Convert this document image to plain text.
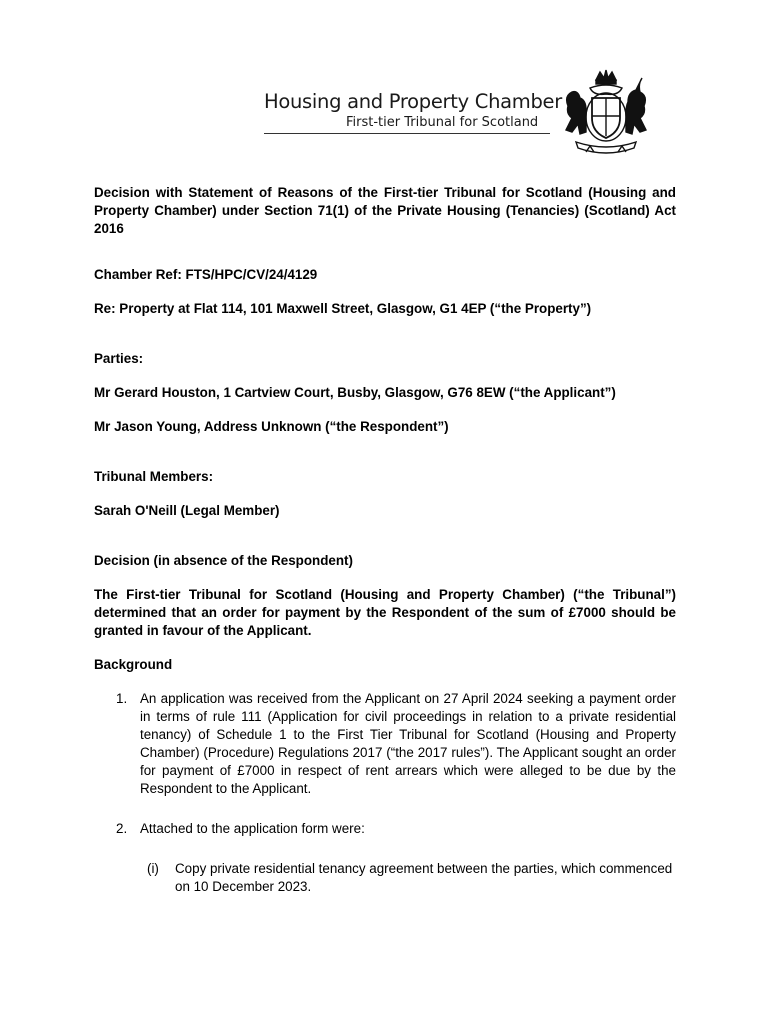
Housing and Property Chamber
First-tier Tribunal for Scotland

Decision with Statement of Reasons of the First-tier Tribunal for Scotland (Housing and Property Chamber) under Section 71(1) of the Private Housing (Tenancies) (Scotland) Act 2016

Chamber Ref: FTS/HPC/CV/24/4129

Re: Property at Flat 114, 101 Maxwell Street, Glasgow, G1 4EP (“the Property”)

Parties:

Mr Gerard Houston, 1 Cartview Court, Busby, Glasgow, G76 8EW (“the Applicant”)

Mr Jason Young, Address Unknown (“the Respondent”)

Tribunal Members:

Sarah O'Neill (Legal Member)

Decision (in absence of the Respondent)

The First-tier Tribunal for Scotland (Housing and Property Chamber) (“the Tribunal”) determined that an order for payment by the Respondent of the sum of £7000 should be granted in favour of the Applicant.

Background

1. An application was received from the Applicant on 27 April 2024 seeking a payment order in terms of rule 111 (Application for civil proceedings in relation to a private residential tenancy) of Schedule 1 to the First Tier Tribunal for Scotland (Housing and Property Chamber) (Procedure) Regulations 2017 (“the 2017 rules”). The Applicant sought an order for payment of £7000 in respect of rent arrears which were alleged to be due by the Respondent to the Applicant.

2. Attached to the application form were:

(i) Copy private residential tenancy agreement between the parties, which commenced on 10 December 2023.
